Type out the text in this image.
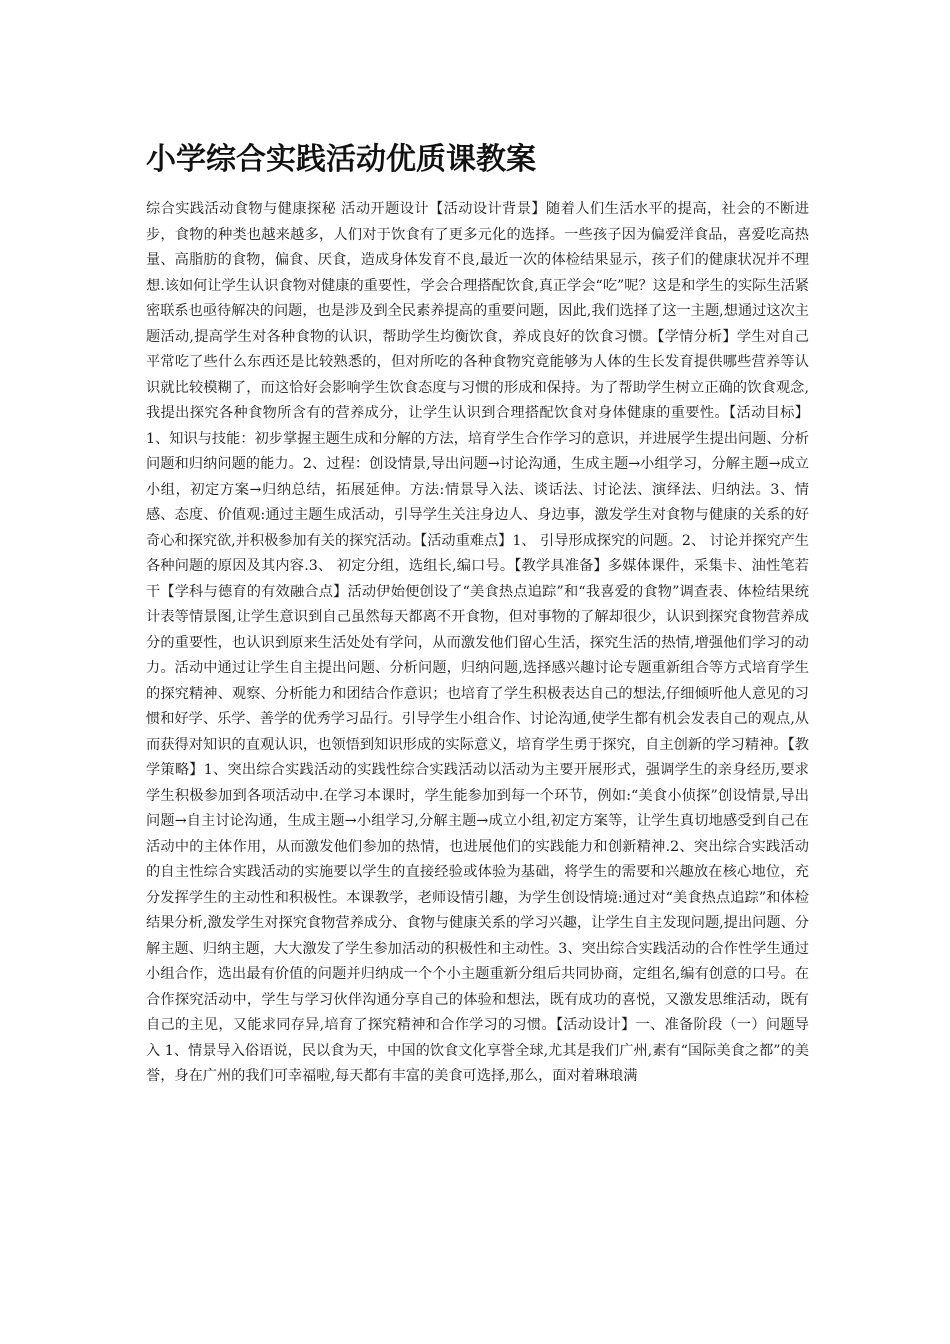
小学综合实践活动优质课教案

综合实践活动食物与健康探秘 活动开题设计【活动设计背景】随着人们生活水平的提高，社会的不断进步，食物的种类也越来越多，人们对于饮食有了更多元化的选择。一些孩子因为偏爱洋食品，喜爱吃高热量、高脂肪的食物，偏食、厌食，造成身体发育不良,最近一次的体检结果显示，孩子们的健康状况并不理想.该如何让学生认识食物对健康的重要性，学会合理搭配饮食,真正学会“吃”呢？这是和学生的实际生活紧密联系也亟待解决的问题，也是涉及到全民素养提高的重要问题，因此,我们选择了这一主题,想通过这次主题活动,提高学生对各种食物的认识，帮助学生均衡饮食，养成良好的饮食习惯。【学情分析】学生对自己平常吃了些什么东西还是比较熟悉的，但对所吃的各种食物究竟能够为人体的生长发育提供哪些营养等认识就比较模糊了，而这恰好会影响学生饮食态度与习惯的形成和保持。为了帮助学生树立正确的饮食观念,我提出探究各种食物所含有的营养成分，让学生认识到合理搭配饮食对身体健康的重要性。【活动目标】1、知识与技能：初步掌握主题生成和分解的方法，培育学生合作学习的意识，并进展学生提出问题、分析问题和归纳问题的能力。2、过程：创设情景,导出问题→讨论沟通，生成主题→小组学习，分解主题→成立小组，初定方案→归纳总结，拓展延伸。方法:情景导入法、谈话法、讨论法、演绎法、归纳法。3、情感、态度、价值观:通过主题生成活动，引导学生关注身边人、身边事，激发学生对食物与健康的关系的好奇心和探究欲,并积极参加有关的探究活动。【活动重难点】1、 引导形成探究的问题。2、 讨论并探究产生各种问题的原因及其内容.3、 初定分组，选组长,编口号。【教学具准备】多媒体课件，采集卡、油性笔若干【学科与德育的有效融合点】活动伊始便创设了“美食热点追踪”和“我喜爱的食物”调查表、体检结果统计表等情景图,让学生意识到自己虽然每天都离不开食物，但对事物的了解却很少，认识到探究食物营养成分的重要性，也认识到原来生活处处有学问，从而激发他们留心生活，探究生活的热情,增强他们学习的动力。活动中通过让学生自主提出问题、分析问题，归纳问题,选择感兴趣讨论专题重新组合等方式培育学生的探究精神、观察、分析能力和团结合作意识；也培育了学生积极表达自己的想法,仔细倾听他人意见的习惯和好学、乐学、善学的优秀学习品行。引导学生小组合作、讨论沟通,使学生都有机会发表自己的观点,从而获得对知识的直观认识，也领悟到知识形成的实际意义，培育学生勇于探究，自主创新的学习精神。【教学策略】1、突出综合实践活动的实践性综合实践活动以活动为主要开展形式，强调学生的亲身经历,要求学生积极参加到各项活动中.在学习本课时，学生能参加到每一个环节，例如:“美食小侦探”创设情景,导出问题→自主讨论沟通，生成主题→小组学习,分解主题→成立小组,初定方案等，让学生真切地感受到自己在活动中的主体作用，从而激发他们参加的热情，也进展他们的实践能力和创新精神.2、突出综合实践活动的自主性综合实践活动的实施要以学生的直接经验或体验为基础，将学生的需要和兴趣放在核心地位，充分发挥学生的主动性和积极性。本课教学，老师设情引趣，为学生创设情境:通过对“美食热点追踪”和体检结果分析,激发学生对探究食物营养成分、食物与健康关系的学习兴趣，让学生自主发现问题,提出问题、分解主题、归纳主题，大大激发了学生参加活动的积极性和主动性。3、突出综合实践活动的合作性学生通过小组合作，选出最有价值的问题并归纳成一个个小主题重新分组后共同协商，定组名,编有创意的口号。在合作探究活动中，学生与学习伙伴沟通分享自己的体验和想法，既有成功的喜悦，又激发思维活动，既有自己的主见，又能求同存异,培育了探究精神和合作学习的习惯。【活动设计】一、准备阶段（一）问题导入 1、情景导入俗语说，民以食为天，中国的饮食文化享誉全球,尤其是我们广州,素有“国际美食之都”的美誉，身在广州的我们可幸福啦,每天都有丰富的美食可选择,那么，面对着琳琅满
